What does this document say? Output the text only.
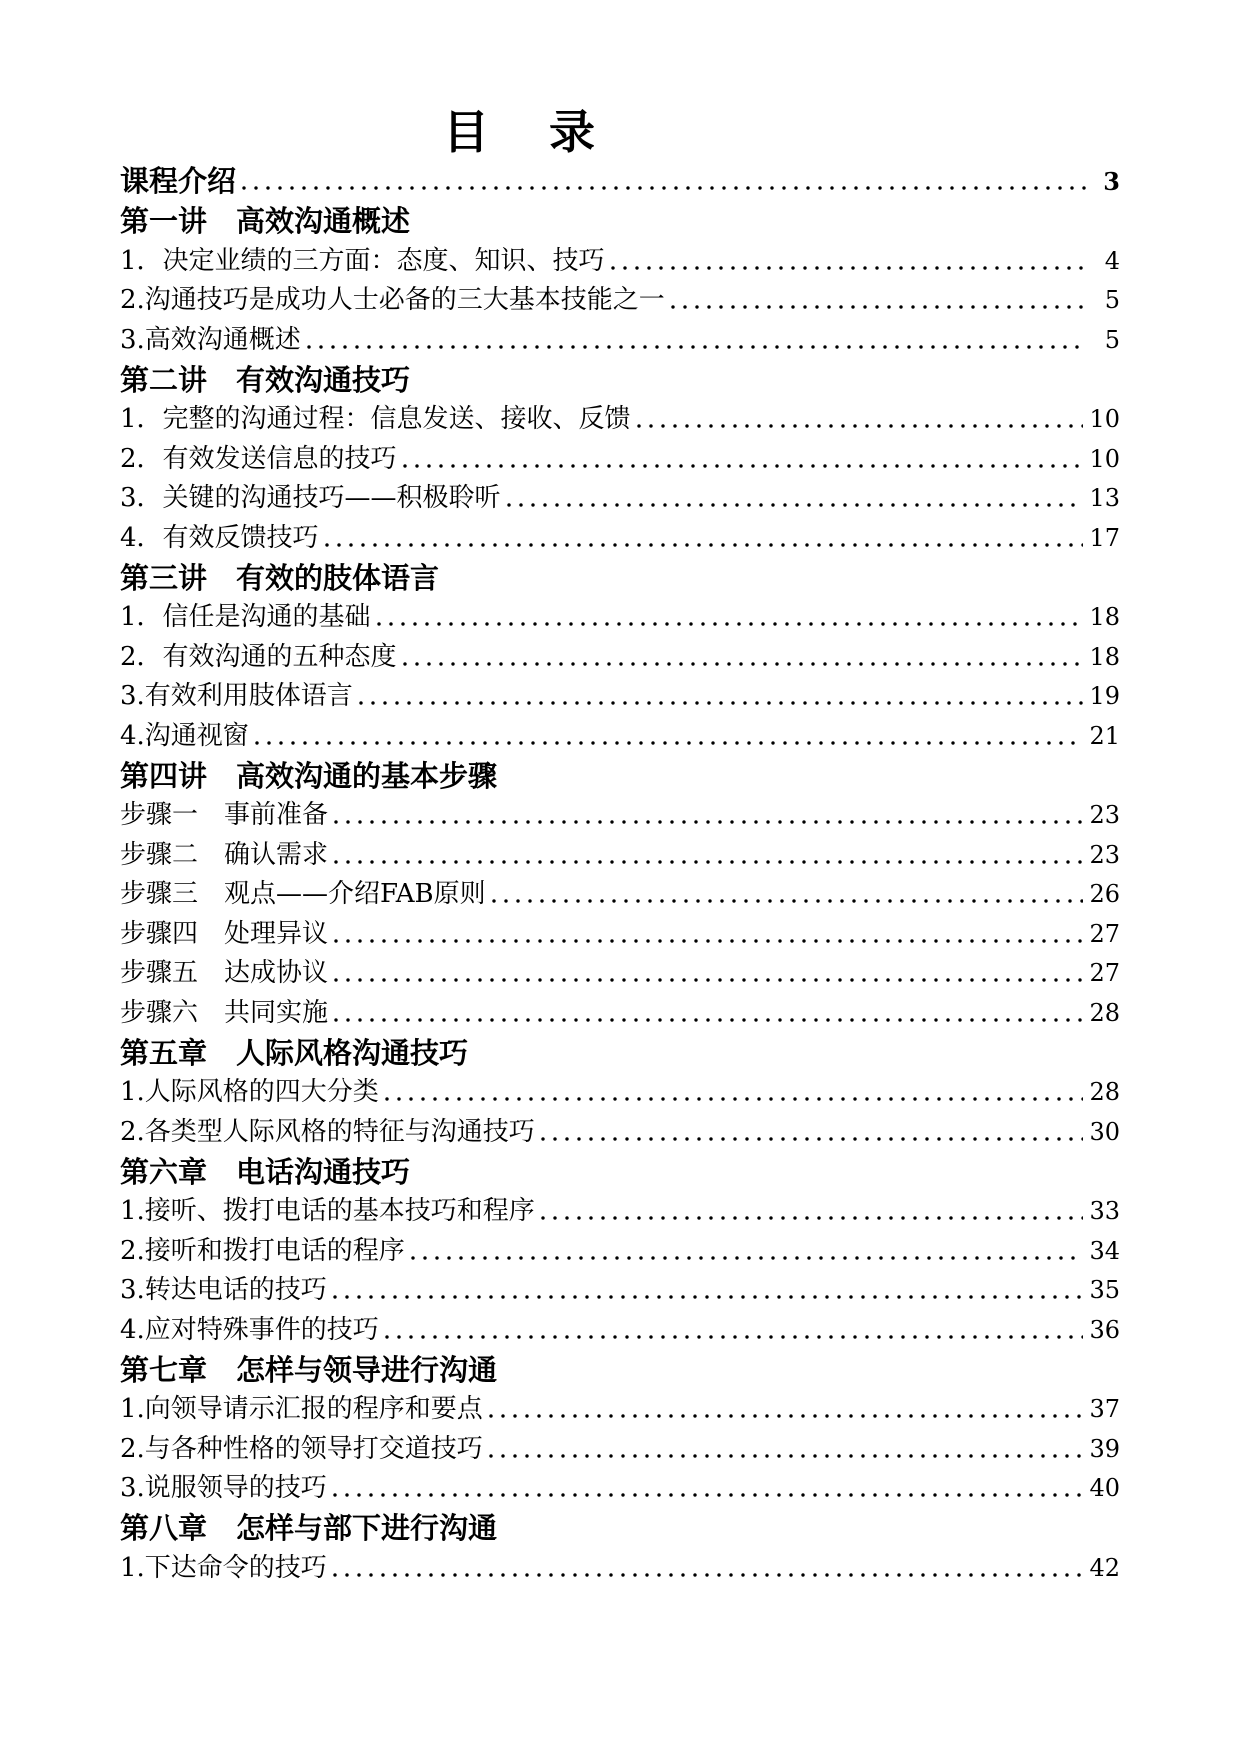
目 录
课程介绍	3
第一讲　高效沟通概述
1．决定业绩的三方面：态度、知识、技巧	4
2.沟通技巧是成功人士必备的三大基本技能之一	5
3.高效沟通概述	5
第二讲　有效沟通技巧
1．完整的沟通过程：信息发送、接收、反馈	10
2．有效发送信息的技巧	10
3．关键的沟通技巧——积极聆听	13
4．有效反馈技巧	17
第三讲　有效的肢体语言
1．信任是沟通的基础	18
2．有效沟通的五种态度	18
3.有效利用肢体语言	19
4.沟通视窗	21
第四讲　高效沟通的基本步骤
步骤一　事前准备	23
步骤二　确认需求	23
步骤三　观点——介绍FAB原则	26
步骤四　处理异议	27
步骤五　达成协议	27
步骤六　共同实施	28
第五章　人际风格沟通技巧
1.人际风格的四大分类	28
2.各类型人际风格的特征与沟通技巧	30
第六章　电话沟通技巧
1.接听、拨打电话的基本技巧和程序	33
2.接听和拨打电话的程序	34
3.转达电话的技巧	35
4.应对特殊事件的技巧	36
第七章　怎样与领导进行沟通
1.向领导请示汇报的程序和要点	37
2.与各种性格的领导打交道技巧	39
3.说服领导的技巧	40
第八章　怎样与部下进行沟通
1.下达命令的技巧	42
